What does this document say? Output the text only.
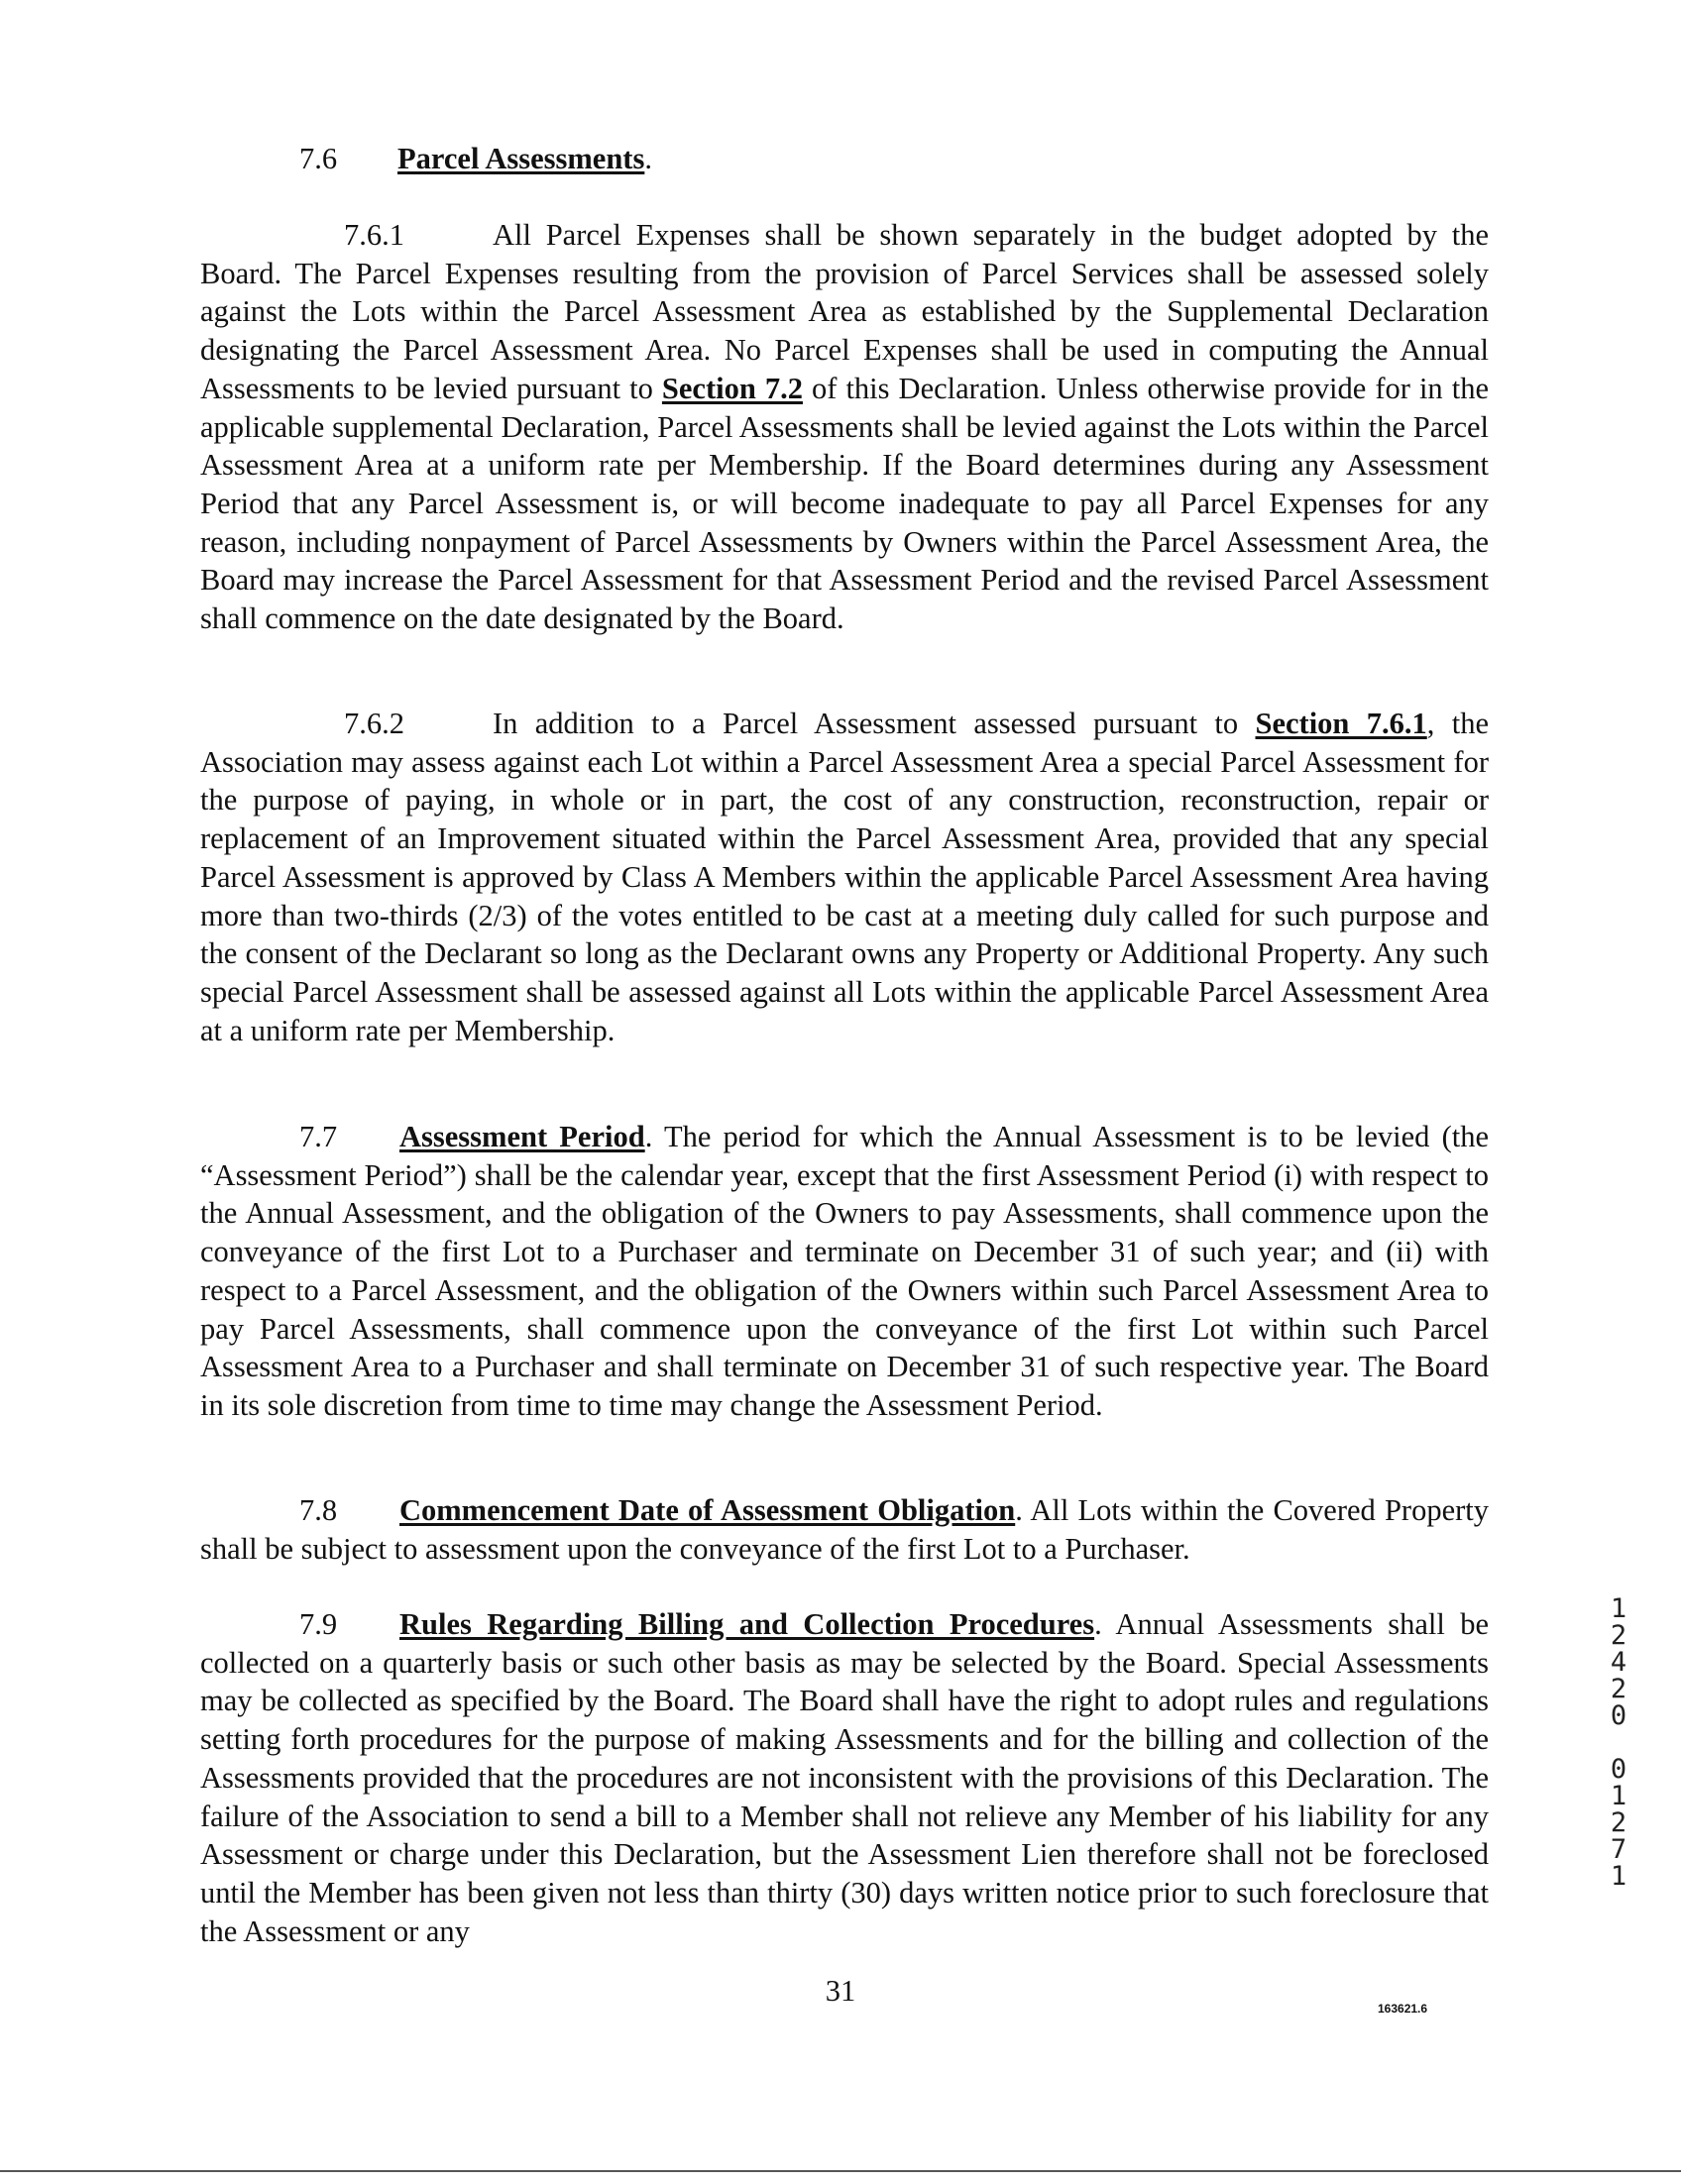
7.6 Parcel Assessments.

7.6.1	All Parcel Expenses shall be shown separately in the budget adopted by the Board. The Parcel Expenses resulting from the provision of Parcel Services shall be assessed solely against the Lots within the Parcel Assessment Area as established by the Supplemental Declaration designating the Parcel Assessment Area. No Parcel Expenses shall be used in computing the Annual Assessments to be levied pursuant to Section 7.2 of this Declaration. Unless otherwise provide for in the applicable supplemental Declaration, Parcel Assessments shall be levied against the Lots within the Parcel Assessment Area at a uniform rate per Membership. If the Board determines during any Assessment Period that any Parcel Assessment is, or will become inadequate to pay all Parcel Expenses for any reason, including nonpayment of Parcel Assessments by Owners within the Parcel Assessment Area, the Board may increase the Parcel Assessment for that Assessment Period and the revised Parcel Assessment shall commence on the date designated by the Board.

7.6.2	In addition to a Parcel Assessment assessed pursuant to Section 7.6.1, the Association may assess against each Lot within a Parcel Assessment Area a special Parcel Assessment for the purpose of paying, in whole or in part, the cost of any construction, reconstruction, repair or replacement of an Improvement situated within the Parcel Assessment Area, provided that any special Parcel Assessment is approved by Class A Members within the applicable Parcel Assessment Area having more than two-thirds (2/3) of the votes entitled to be cast at a meeting duly called for such purpose and the consent of the Declarant so long as the Declarant owns any Property or Additional Property. Any such special Parcel Assessment shall be assessed against all Lots within the applicable Parcel Assessment Area at a uniform rate per Membership.

7.7 Assessment Period. The period for which the Annual Assessment is to be levied (the “Assessment Period”) shall be the calendar year, except that the first Assessment Period (i) with respect to the Annual Assessment, and the obligation of the Owners to pay Assessments, shall commence upon the conveyance of the first Lot to a Purchaser and terminate on December 31 of such year; and (ii) with respect to a Parcel Assessment, and the obligation of the Owners within such Parcel Assessment Area to pay Parcel Assessments, shall commence upon the conveyance of the first Lot within such Parcel Assessment Area to a Purchaser and shall terminate on December 31 of such respective year. The Board in its sole discretion from time to time may change the Assessment Period.

7.8 Commencement Date of Assessment Obligation. All Lots within the Covered Property shall be subject to assessment upon the conveyance of the first Lot to a Purchaser.

7.9 Rules Regarding Billing and Collection Procedures. Annual Assessments shall be collected on a quarterly basis or such other basis as may be selected by the Board. Special Assessments may be collected as specified by the Board. The Board shall have the right to adopt rules and regulations setting forth procedures for the purpose of making Assessments and for the billing and collection of the Assessments provided that the procedures are not inconsistent with the provisions of this Declaration. The failure of the Association to send a bill to a Member shall not relieve any Member of his liability for any Assessment or charge under this Declaration, but the Assessment Lien therefore shall not be foreclosed until the Member has been given not less than thirty (30) days written notice prior to such foreclosure that the Assessment or any

1
2
4
2
0
0
1
2
7
1

31

163621.6
